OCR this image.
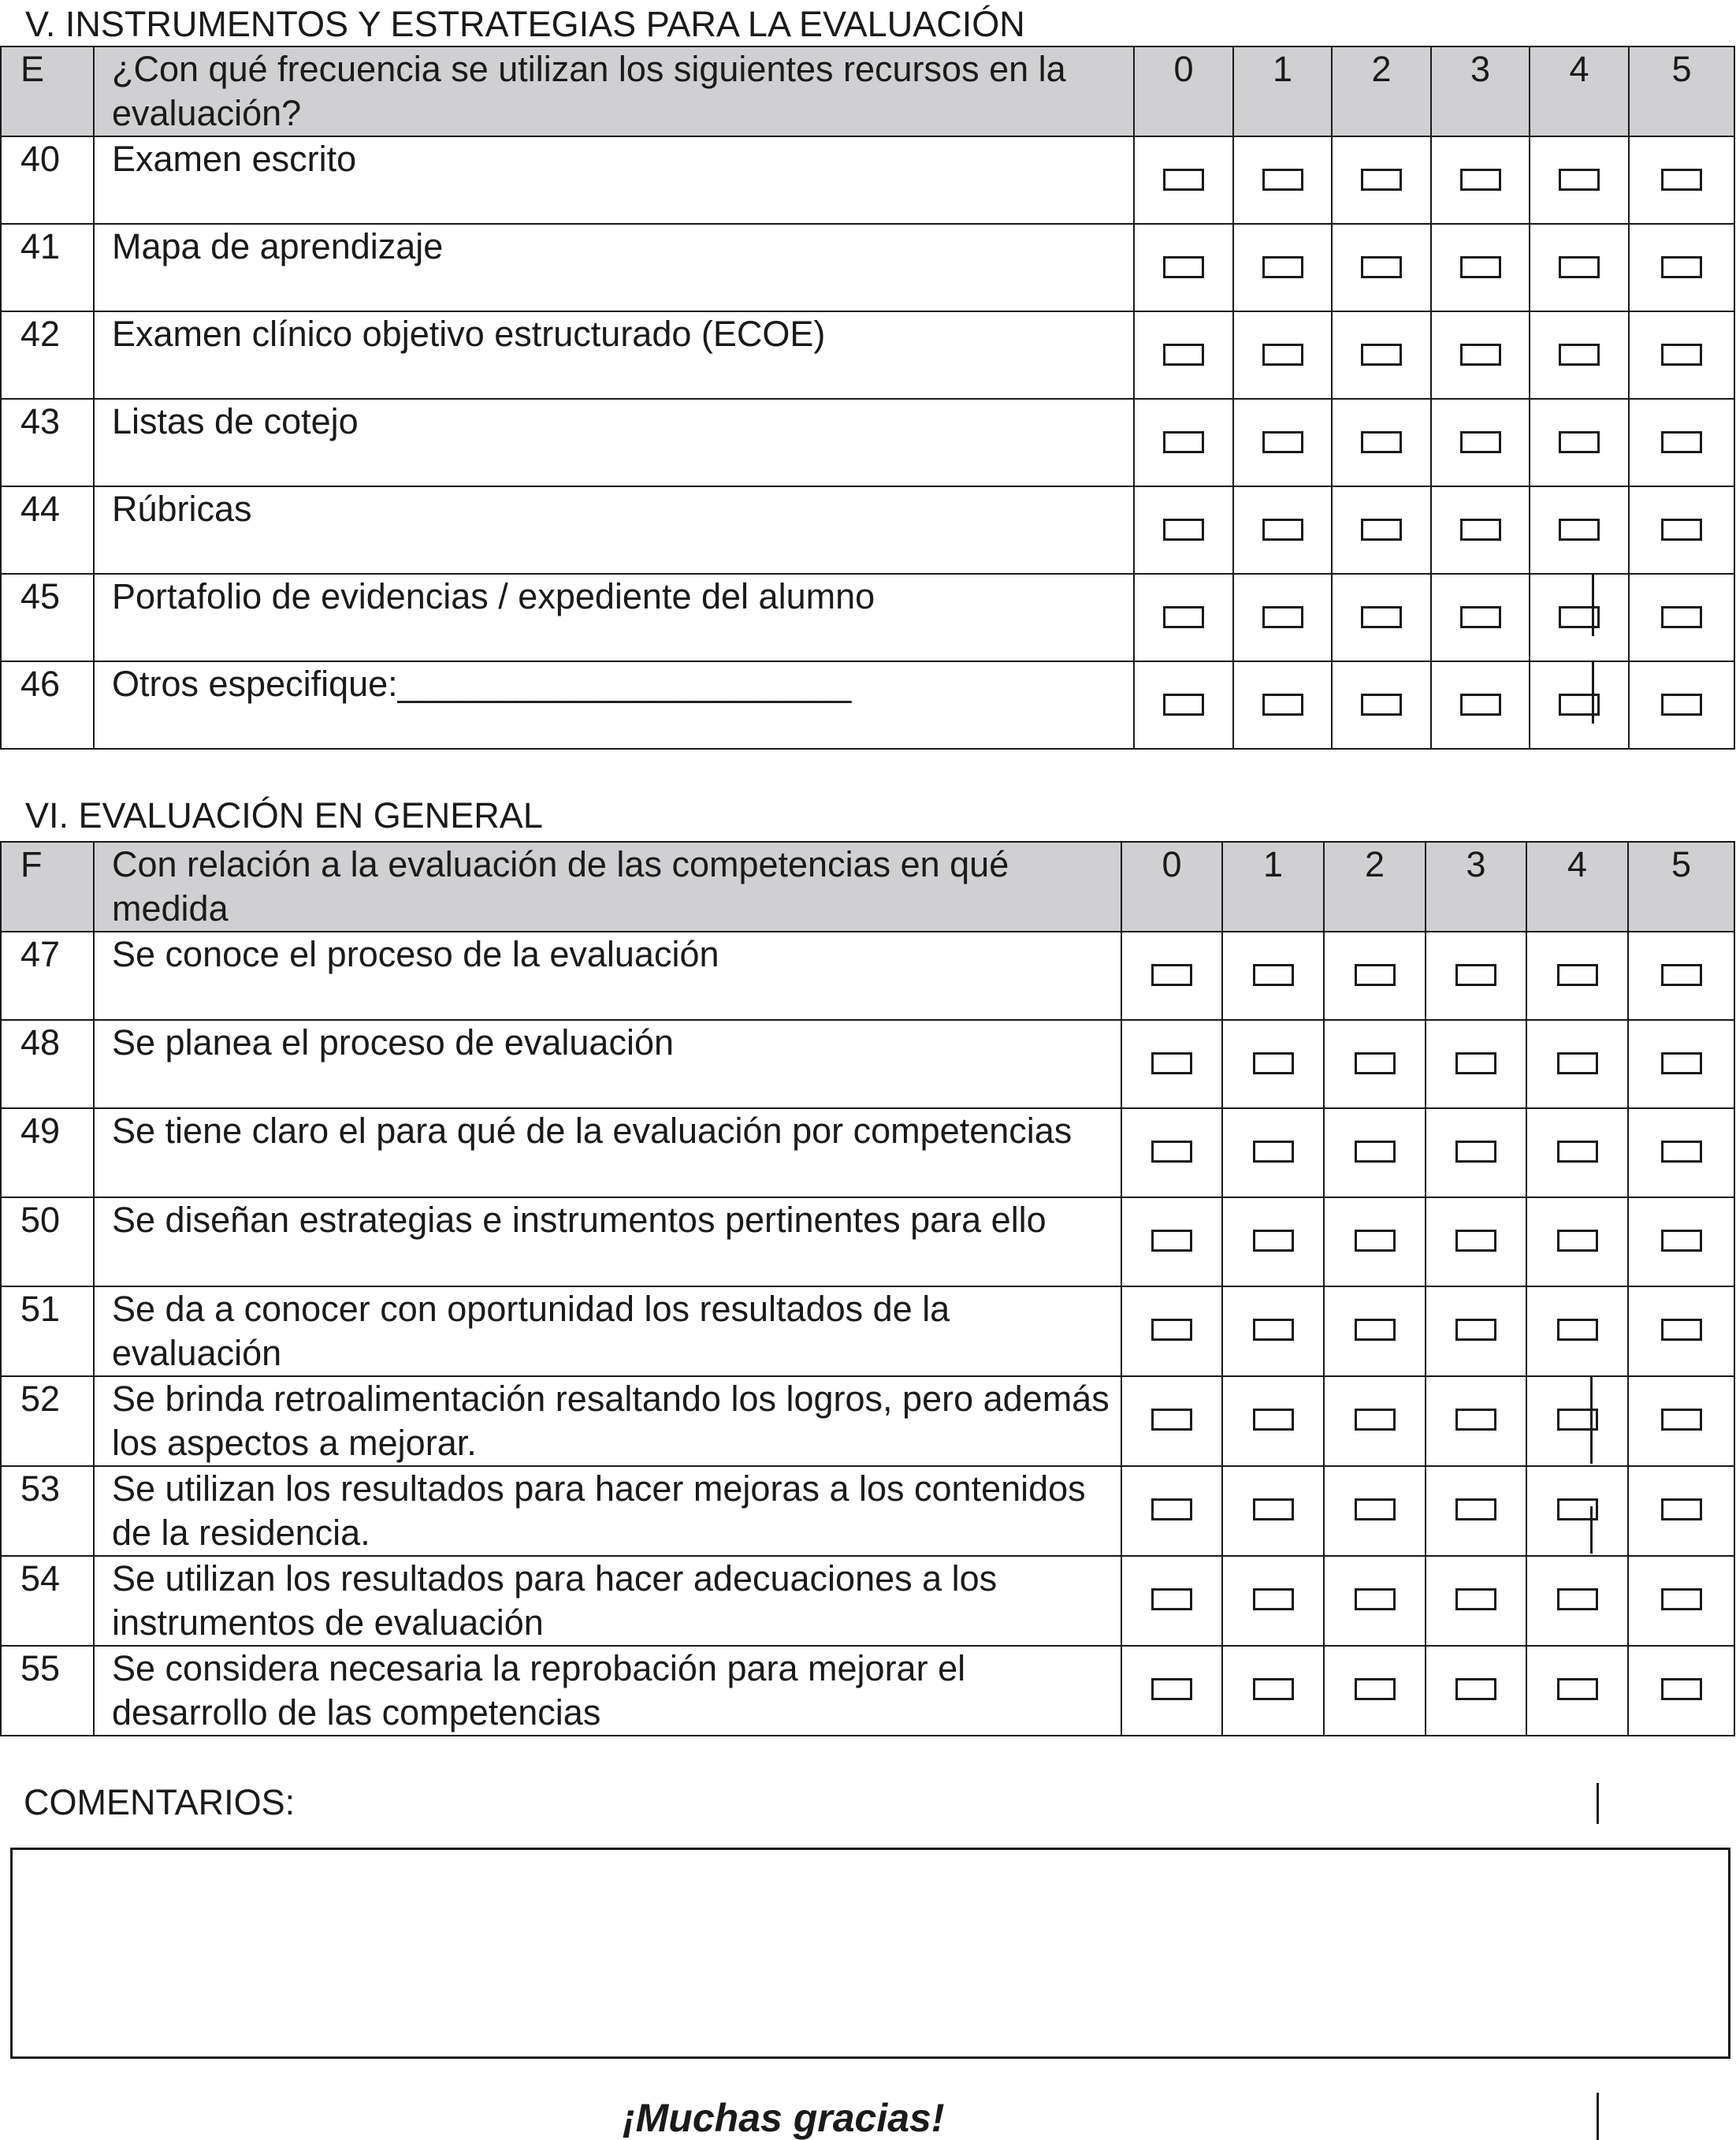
V. INSTRUMENTOS Y ESTRATEGIAS PARA LA EVALUACIÓN
E	¿Con qué frecuencia se utilizan los siguientes recursos en la evaluación?	0	1	2	3	4	5
40	Examen escrito						
41	Mapa de aprendizaje						
42	Examen clínico objetivo estructurado (ECOE)						
43	Listas de cotejo						
44	Rúbricas						
45	Portafolio de evidencias / expediente del alumno					

46	Otros especifique:_______________________					

VI. EVALUACIÓN EN GENERAL
F	Con relación a la evaluación de las competencias en qué medida	0	1	2	3	4	5
47	Se conoce el proceso de la evaluación						
48	Se planea el proceso de evaluación						
49	Se tiene claro el para qué de la evaluación por competencias						
50	Se diseñan estrategias e instrumentos pertinentes para ello						
51	Se da a conocer con oportunidad los resultados de la evaluación						
52	Se brinda retroalimentación resaltando los logros, pero además los aspectos a mejorar.					

53	Se utilizan los resultados para hacer mejoras a los contenidos de la residencia.					

54	Se utilizan los resultados para hacer adecuaciones a los instrumentos de evaluación						
55	Se considera necesaria la reprobación para mejorar el desarrollo de las competencias						
COMENTARIOS:
¡Muchas gracias!
